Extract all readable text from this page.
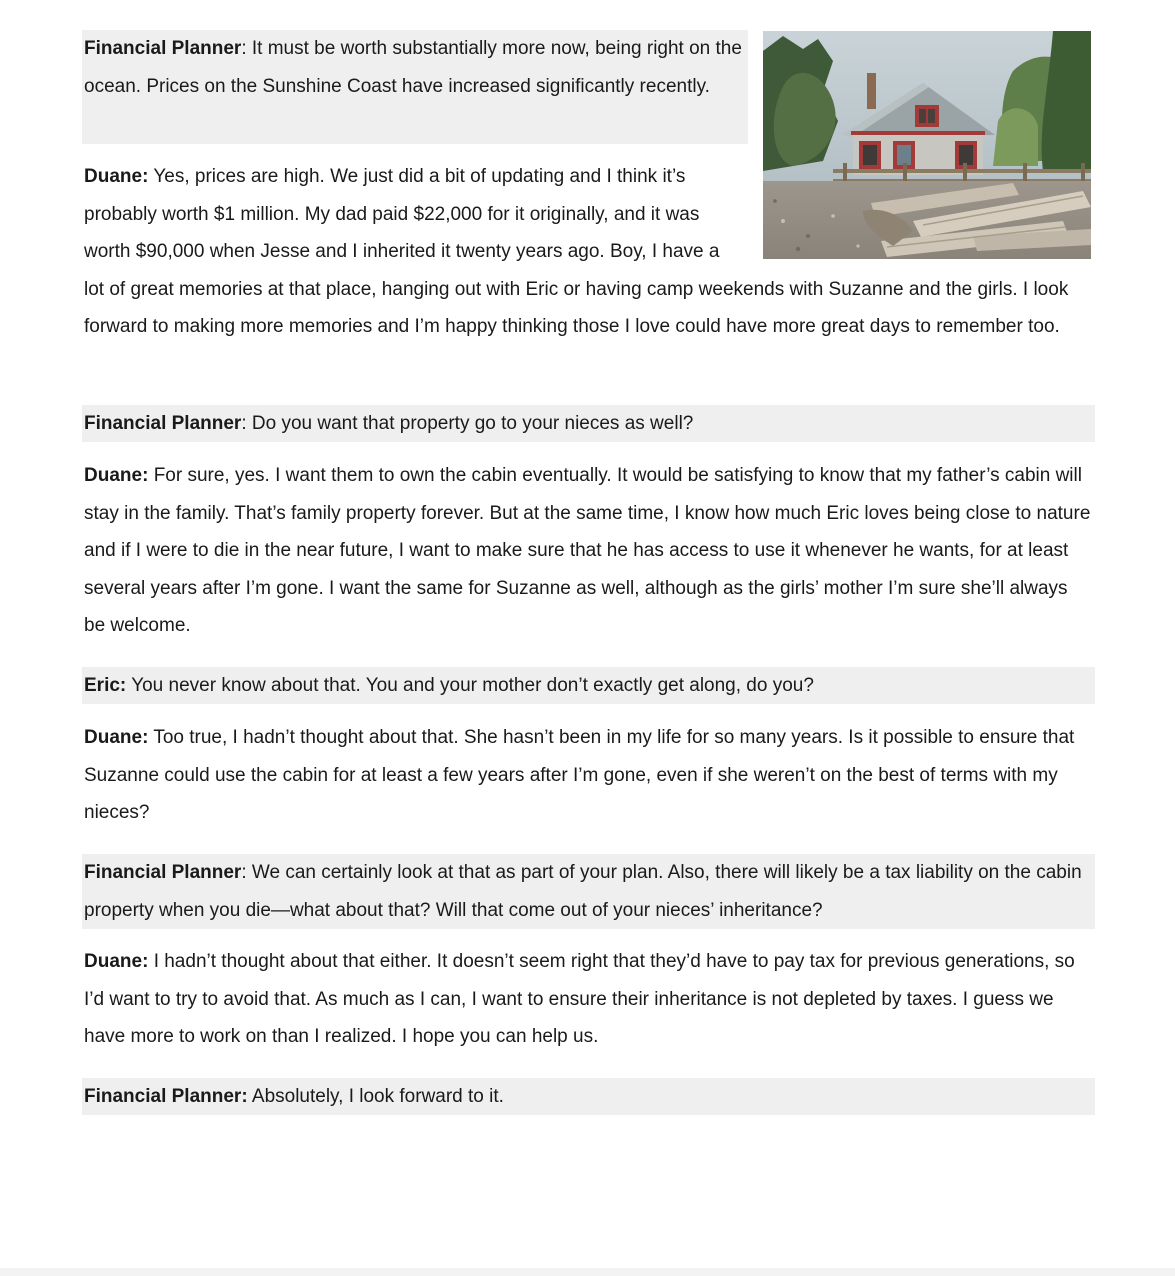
Financial Planner: It must be worth substantially more now, being right on the ocean. Prices on the Sunshine Coast have increased significantly recently.

Duane: Yes, prices are high. We just did a bit of updating and I think it’s probably worth $1 million. My dad paid $22,000 for it originally, and it was worth $90,000 when Jesse and I inherited it twenty years ago. Boy, I have a lot of great memories at that place, hanging out with Eric or having camp weekends with Suzanne and the girls. I look forward to making more memories and I’m happy thinking those I love could have more great days to remember too.

Financial Planner: Do you want that property go to your nieces as well?

Duane: For sure, yes. I want them to own the cabin eventually. It would be satisfying to know that my father’s cabin will stay in the family. That’s family property forever. But at the same time, I know how much Eric loves being close to nature and if I were to die in the near future, I want to make sure that he has access to use it whenever he wants, for at least several years after I’m gone. I want the same for Suzanne as well, although as the girls’ mother I’m sure she’ll always be welcome.

Eric: You never know about that. You and your mother don’t exactly get along, do you?

Duane: Too true, I hadn’t thought about that. She hasn’t been in my life for so many years. Is it possible to ensure that Suzanne could use the cabin for at least a few years after I’m gone, even if she weren’t on the best of terms with my nieces?

Financial Planner: We can certainly look at that as part of your plan. Also, there will likely be a tax liability on the cabin property when you die—what about that? Will that come out of your nieces’ inheritance?

Duane: I hadn’t thought about that either. It doesn’t seem right that they’d have to pay tax for previous generations, so I’d want to try to avoid that. As much as I can, I want to ensure their inheritance is not depleted by taxes. I guess we have more to work on than I realized. I hope you can help us.

Financial Planner: Absolutely, I look forward to it.
